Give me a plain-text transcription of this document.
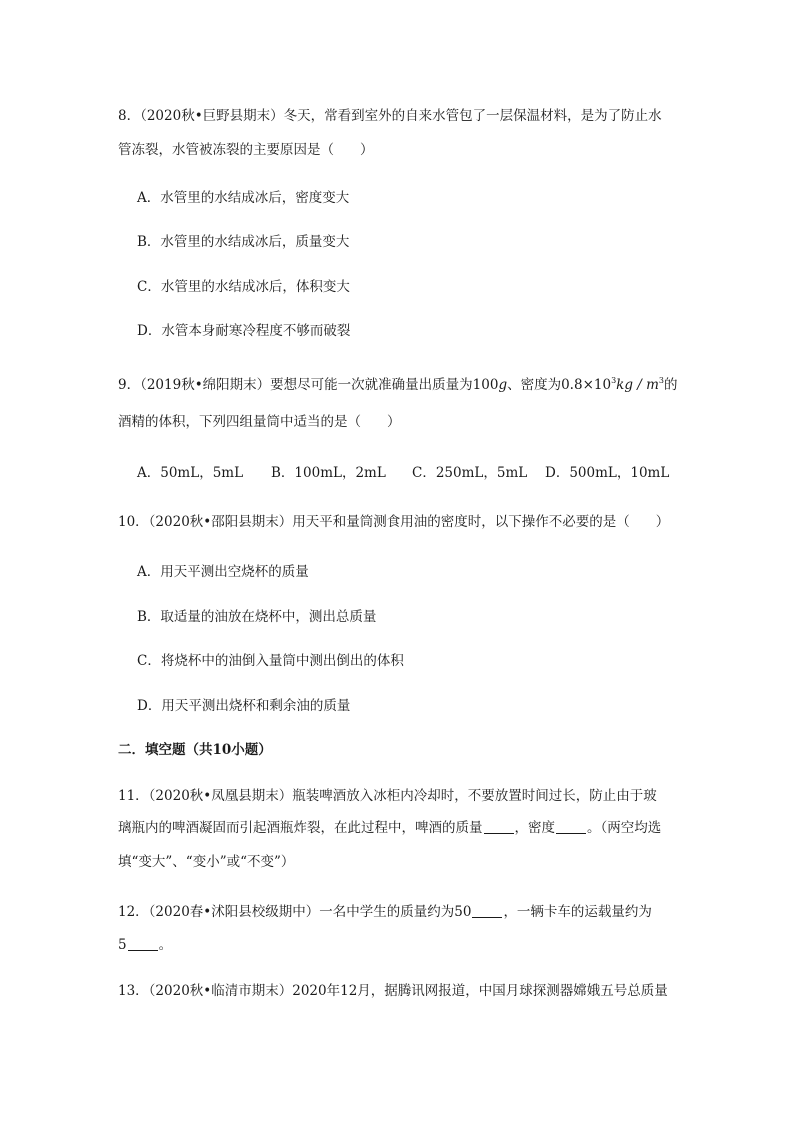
8．（2020秋•巨野县期末）冬天，常看到室外的自来水管包了一层保温材料，是为了防止水
管冻裂，水管被冻裂的主要原因是（ ）
A．水管里的水结成冰后，密度变大
B．水管里的水结成冰后，质量变大
C．水管里的水结成冰后，体积变大
D．水管本身耐寒冷程度不够而破裂
9．（2019秋•绵阳期末）要想尽可能一次就准确量出质量为100g、密度为$0.8\times 10^3kg / m^3$的
酒精的体积，下列四组量筒中适当的是（ ）
A．50mL，5mL B．100mL，2mL C．250mL，5mL D．500mL，10mL
10．（2020秋•邵阳县期末）用天平和量筒测食用油的密度时，以下操作不必要的是（ ）
A．用天平测出空烧杯的质量
B．取适量的油放在烧杯中，测出总质量
C．将烧杯中的油倒入量筒中测出倒出的体积
D．用天平测出烧杯和剩余油的质量
二．填空题（共10小题）
11．（2020秋•凤凰县期末）瓶装啤酒放入冰柜内冷却时，不要放置时间过长，防止由于玻
璃瓶内的啤酒凝固而引起酒瓶炸裂，在此过程中，啤酒的质量 ，密度 。（两空均选
填“变大”、“变小”或“不变”）
12．（2020春•沭阳县校级期中）一名中学生的质量约为50 ，一辆卡车的运载量约为
5 。
13．（2020秋•临清市期末）2020年12月，据腾讯网报道，中国月球探测器嫦娥五号总质量
